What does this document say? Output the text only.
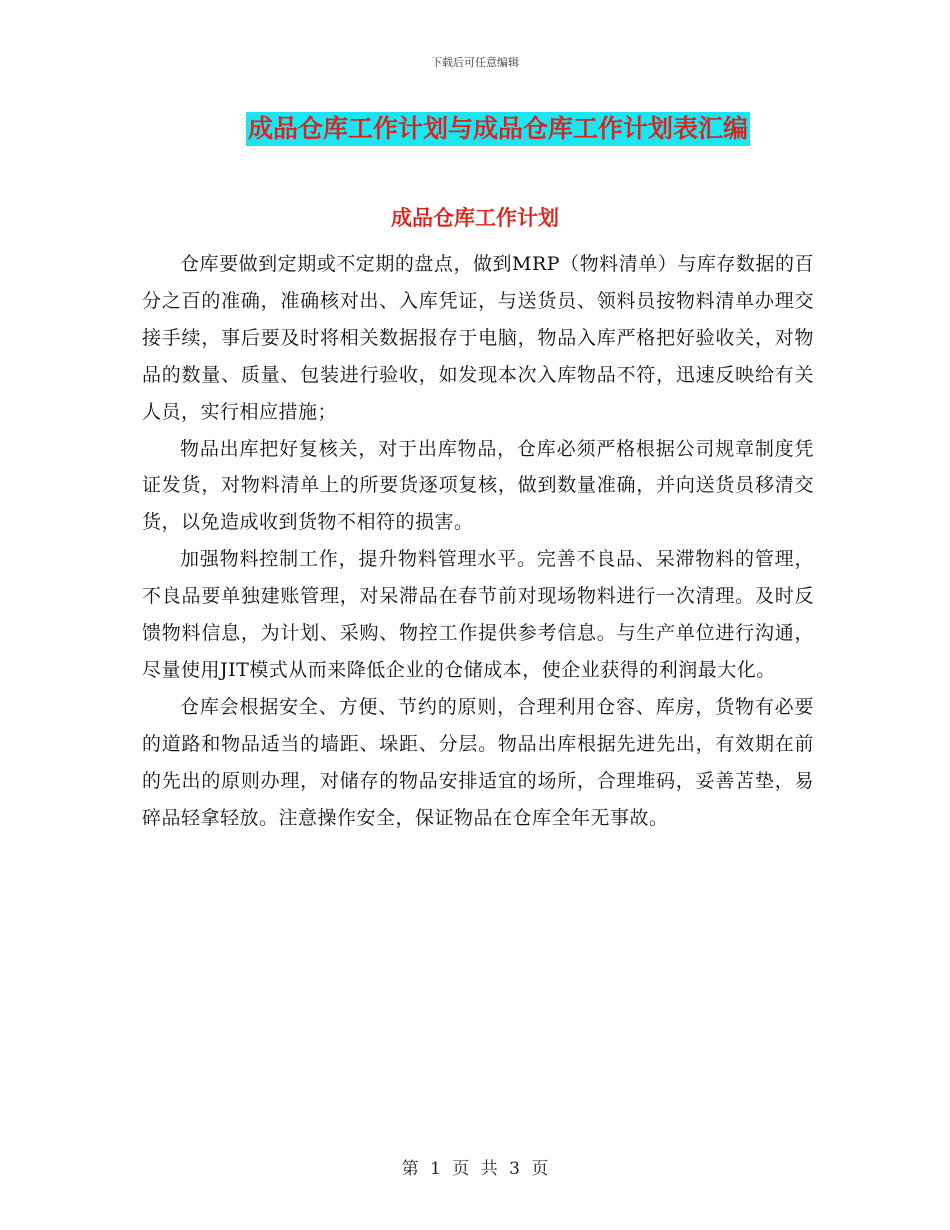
下载后可任意编辑
成品仓库工作计划与成品仓库工作计划表汇编
成品仓库工作计划

仓库要做到定期或不定期的盘点，做到MRP（物料清单）与库存数据的百分之百的准确，准确核对出、入库凭证，与送货员、领料员按物料清单办理交接手续，事后要及时将相关数据报存于电脑，物品入库严格把好验收关，对物品的数量、质量、包装进行验收，如发现本次入库物品不符，迅速反映给有关人员，实行相应措施；

物品出库把好复核关，对于出库物品，仓库必须严格根据公司规章制度凭证发货，对物料清单上的所要货逐项复核，做到数量准确，并向送货员移清交货，以免造成收到货物不相符的损害。

加强物料控制工作，提升物料管理水平。完善不良品、呆滞物料的管理，不良品要单独建账管理，对呆滞品在春节前对现场物料进行一次清理。及时反馈物料信息，为计划、采购、物控工作提供参考信息。与生产单位进行沟通，尽量使用JIT模式从而来降低企业的仓储成本，使企业获得的利润最大化。

仓库会根据安全、方便、节约的原则，合理利用仓容、库房，货物有必要的道路和物品适当的墙距、垛距、分层。物品出库根据先进先出，有效期在前的先出的原则办理，对储存的物品安排适宜的场所，合理堆码，妥善苫垫，易碎品轻拿轻放。注意操作安全，保证物品在仓库全年无事故。

第 1 页 共 3 页
